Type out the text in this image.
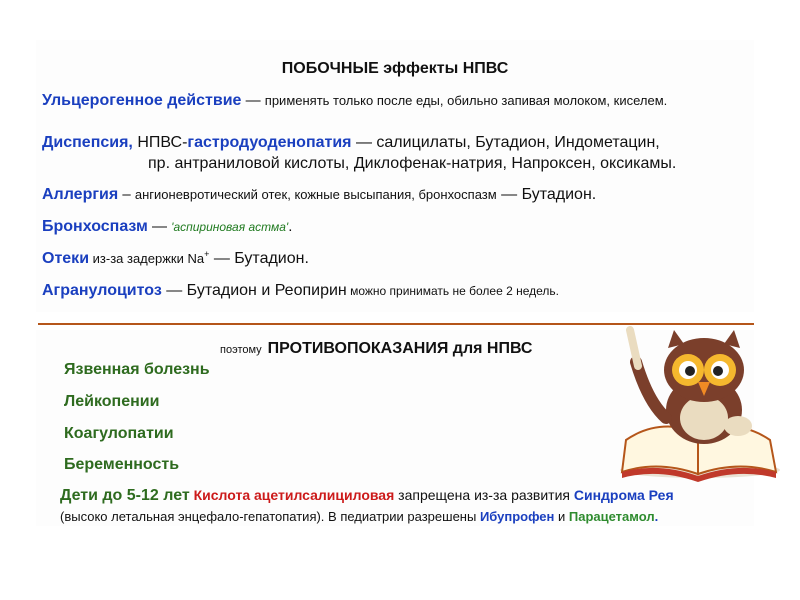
ПОБОЧНЫЕ эффекты НПВС
Ульцерогенное действие — применять только после еды, обильно запивая молоком, киселем.
Диспепсия, НПВС-гастродуоденопатия — салицилаты, Бутадион, Индометацин,
пр. антраниловой кислоты, Диклофенак-натрия, Напроксен, оксикамы.
Аллергия – ангионевротический отек, кожные высыпания, бронхоспазм — Бутадион.
Бронхоспазм — 'аспириновая астма'.
Отеки из-за задержки Na+ — Бутадион.
Агранулоцитоз — Бутадион и Реопирин можно принимать не более 2 недель.
поэтому ПРОТИВОПОКАЗАНИЯ для НПВС
Язвенная болезнь
Лейкопении
Коагулопатии
Беременность
Дети до 5-12 лет Кислота ацетилсалициловая запрещена из-за развития Синдрома Рея
(высоко летальная энцефало-гепатопатия). В педиатрии разрешены Ибупрофен и Парацетамол.
